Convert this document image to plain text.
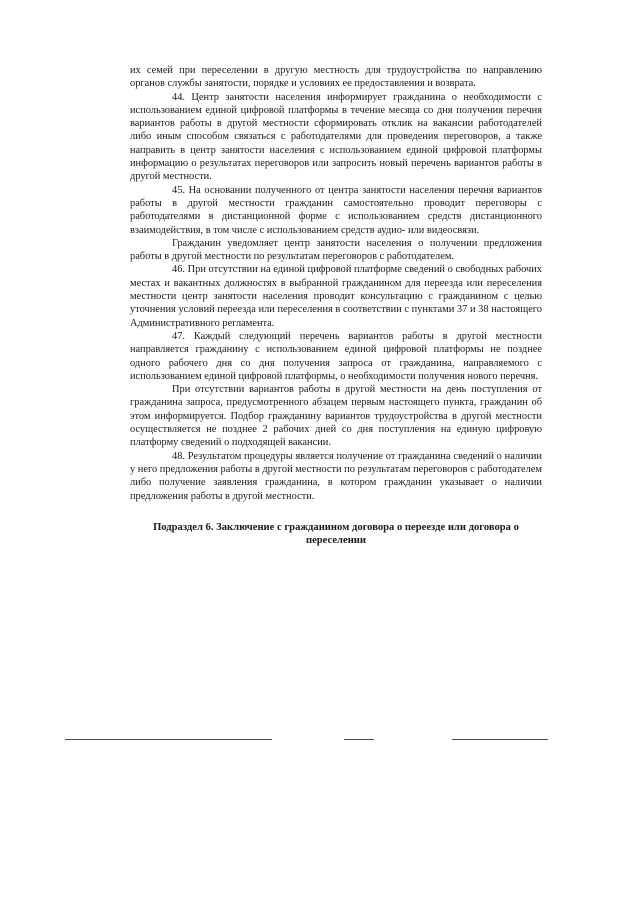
их семей при переселении в другую местность для трудоустройства по направлению органов службы занятости, порядке и условиях ее предоставления и возврата.

44. Центр занятости населения информирует гражданина о необходимости с использованием единой цифровой платформы в течение месяца со дня получения перечня вариантов работы в другой местности сформировать отклик на вакансии работодателей либо иным способом связаться с работодателями для проведения переговоров, а также направить в центр занятости населения с использованием единой цифровой платформы информацию о результатах переговоров или запросить новый перечень вариантов работы в другой местности.

45. На основании полученного от центра занятости населения перечня вариантов работы в другой местности гражданин самостоятельно проводит переговоры с работодателями в дистанционной форме с использованием средств дистанционного взаимодействия, в том числе с использованием средств аудио- или видеосвязи.

Гражданин уведомляет центр занятости населения о получении предложения работы в другой местности по результатам переговоров с работодателем.

46. При отсутствии на единой цифровой платформе сведений о свободных рабочих местах и вакантных должностях в выбранной гражданином для переезда или переселения местности центр занятости населения проводит консультацию с гражданином с целью уточнения условий переезда или переселения в соответствии с пунктами 37 и 38 настоящего Административного регламента.

47. Каждый следующий перечень вариантов работы в другой местности направляется гражданину с использованием единой цифровой платформы не позднее одного рабочего дня со дня получения запроса от гражданина, направляемого с использованием единой цифровой платформы, о необходимости получения нового перечня.

При отсутствии вариантов работы в другой местности на день поступления от гражданина запроса, предусмотренного абзацем первым настоящего пункта, гражданин об этом информируется. Подбор гражданину вариантов трудоустройства в другой местности осуществляется не позднее 2 рабочих дней со дня поступления на единую цифровую платформу сведений о подходящей вакансии.

48. Результатом процедуры является получение от гражданина сведений о наличии у него предложения работы в другой местности по результатам переговоров с работодателем либо получение заявления гражданина, в котором гражданин указывает о наличии предложения работы в другой местности.

Подраздел 6. Заключение с гражданином договора о переезде или договора о переселении
